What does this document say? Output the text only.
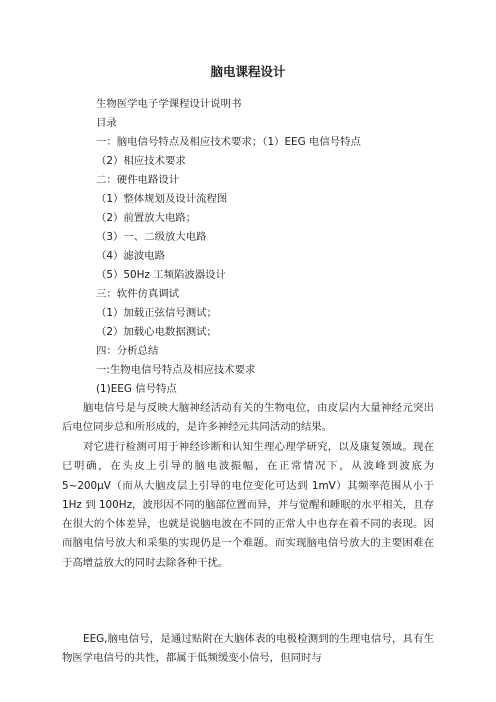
脑电课程设计
生物医学电子学课程设计说明书
目录
一：脑电信号特点及相应技术要求；（1）EEG 电信号特点
（2）相应技术要求
二：硬件电路设计
（1）整体规划及设计流程图
（2）前置放大电路；
（3）一、二级放大电路
（4）滤波电路
（5）50Hz 工频陷波器设计
三：软件仿真调试
（1）加载正弦信号测试；
（2）加载心电数据测试；
四：分析总结
一:生物电信号特点及相应技术要求
(1)EEG 信号特点
脑电信号是与反映大脑神经活动有关的生物电位，由皮层内大量神经元突出后电位同步总和所形成的，是许多神经元共同活动的结果。
对它进行检测可用于神经诊断和认知生理心理学研究，以及康复领域。现在已明确，在头皮上引导的脑电波振幅，在正常情况下，从波峰到波底为 5~200μV（而从大脑皮层上引导的电位变化可达到 1mV）其频率范围从小于 1Hz 到 100Hz，波形因不同的脑部位置而异，并与觉醒和睡眠的水平相关，且存在很大的个体差异，也就是说脑电波在不同的正常人中也存在着不同的表现。因而脑电信号放大和采集的实现仍是一个难题。而实现脑电信号放大的主要困难在于高增益放大的同时去除各种干扰。
EEG,脑电信号，是通过贴附在大脑体表的电极检测到的生理电信号，具有生物医学电信号的共性，都属于低频缓变小信号，但同时与
